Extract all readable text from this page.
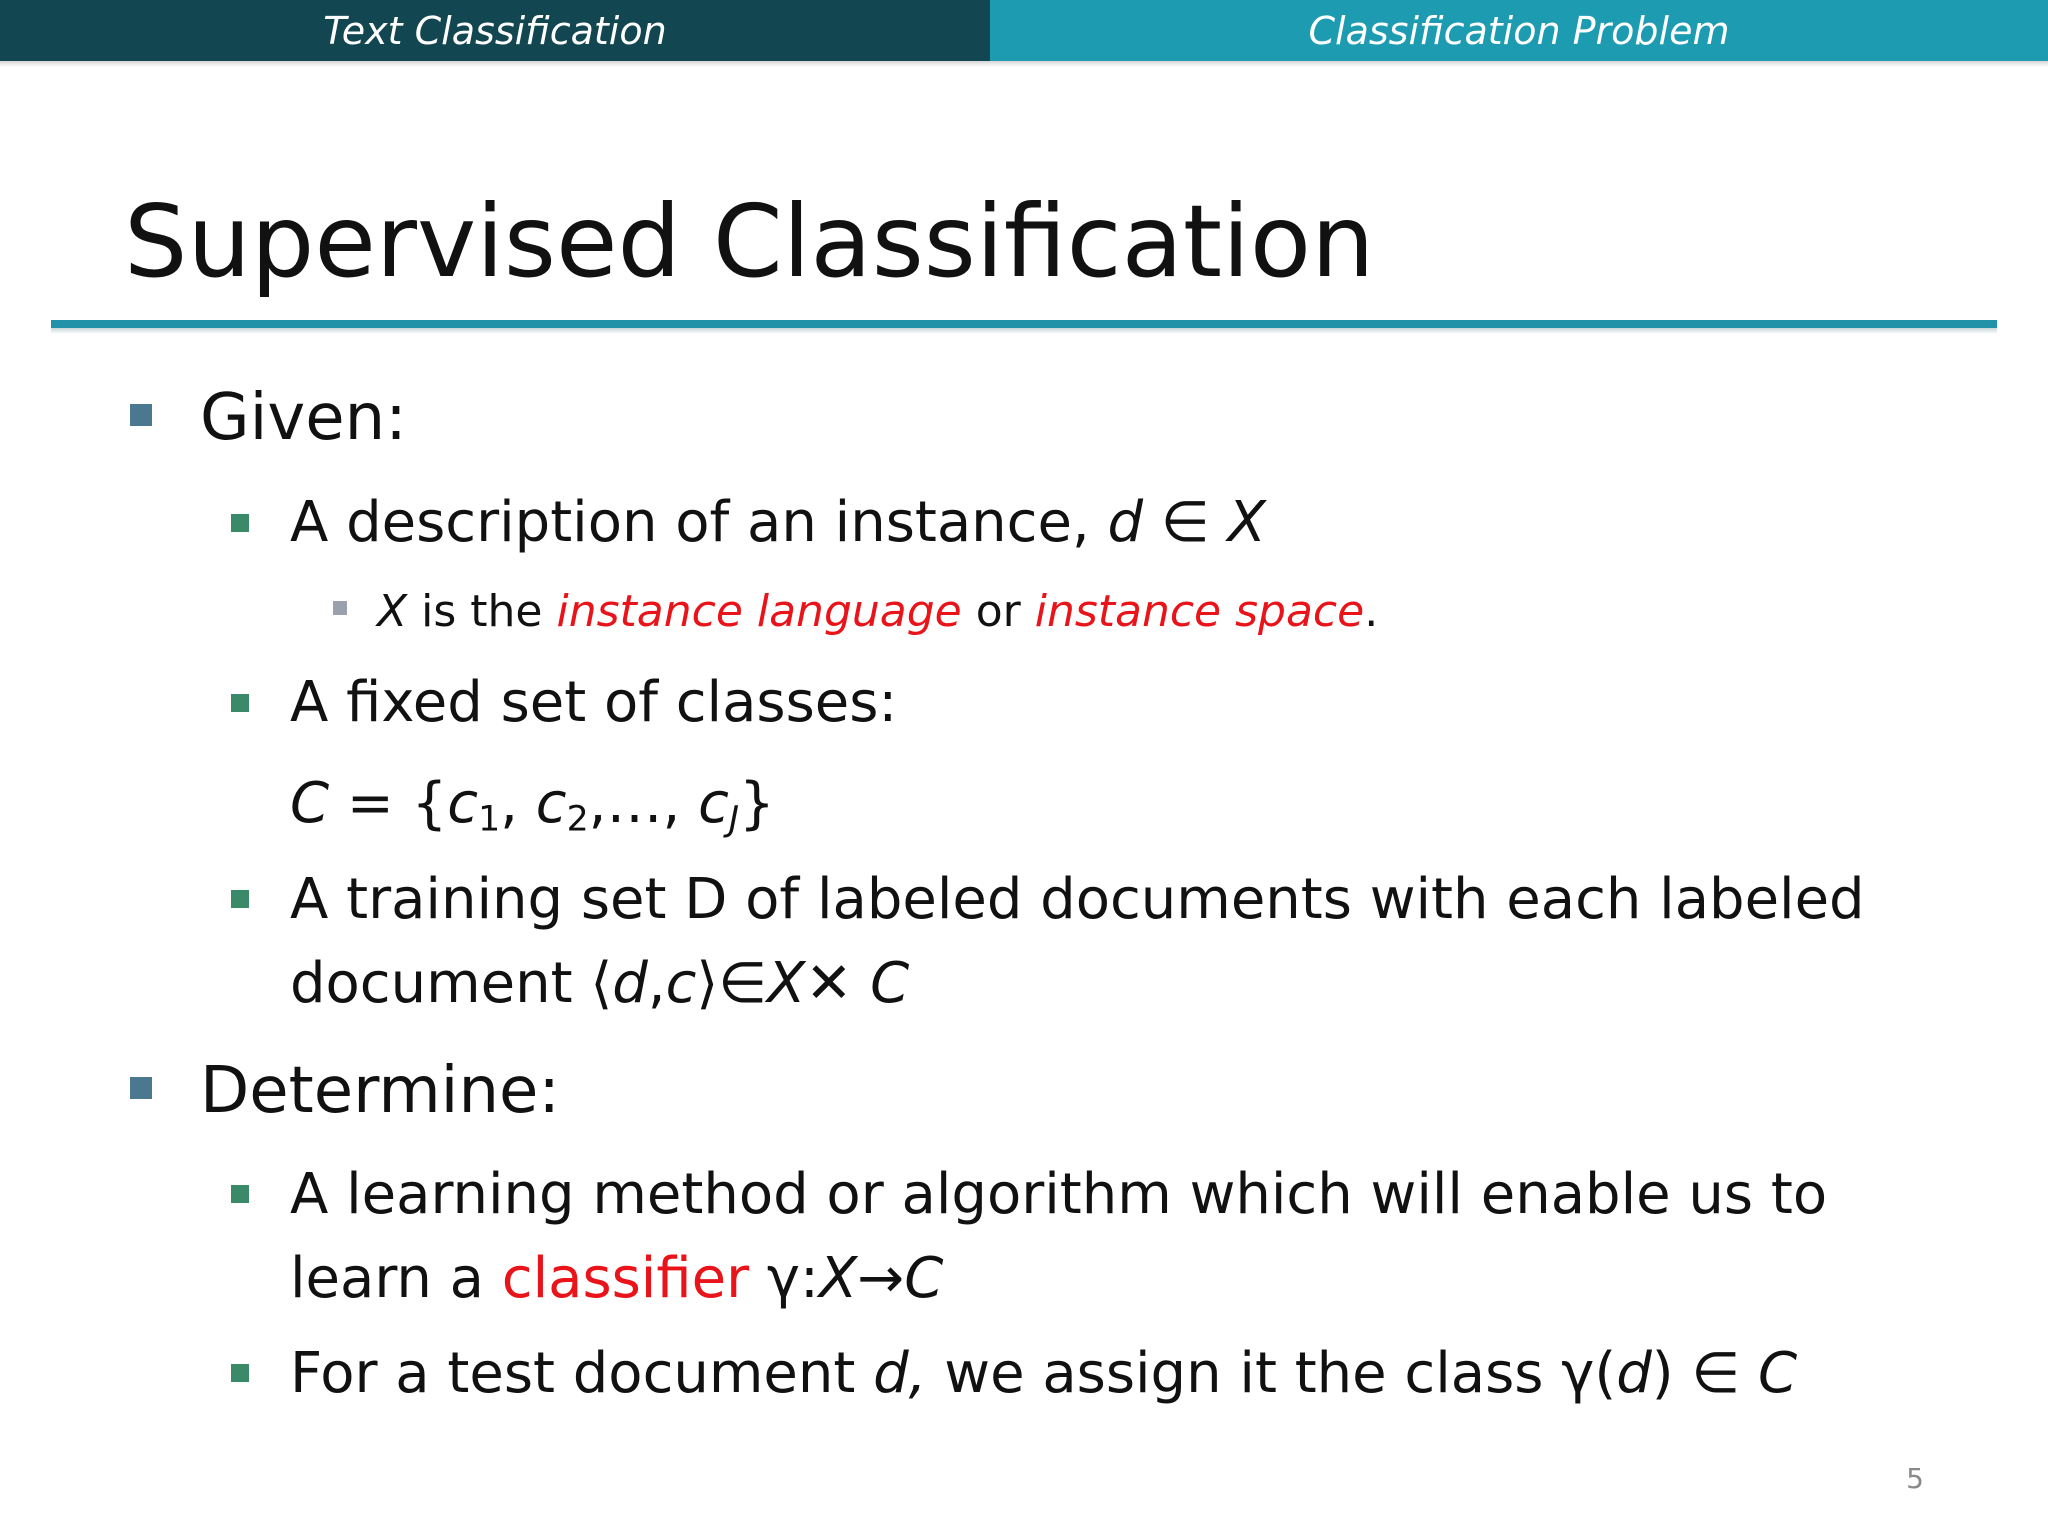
Text Classification	Classification Problem
Supervised Classification
Given:
A description of an instance, d ∈ X
X is the instance language or instance space.
A fixed set of classes:
$C = \{c_1$, $c_2,\dots$, $c_J$}
A training set D of labeled documents with each labeled
document ⟨d,c⟩∈X✕ C
Determine:
A learning method or algorithm which will enable us to
learn a classifier γ:X→C
For a test document d, we assign it the class γ(d) ∈ C
5
